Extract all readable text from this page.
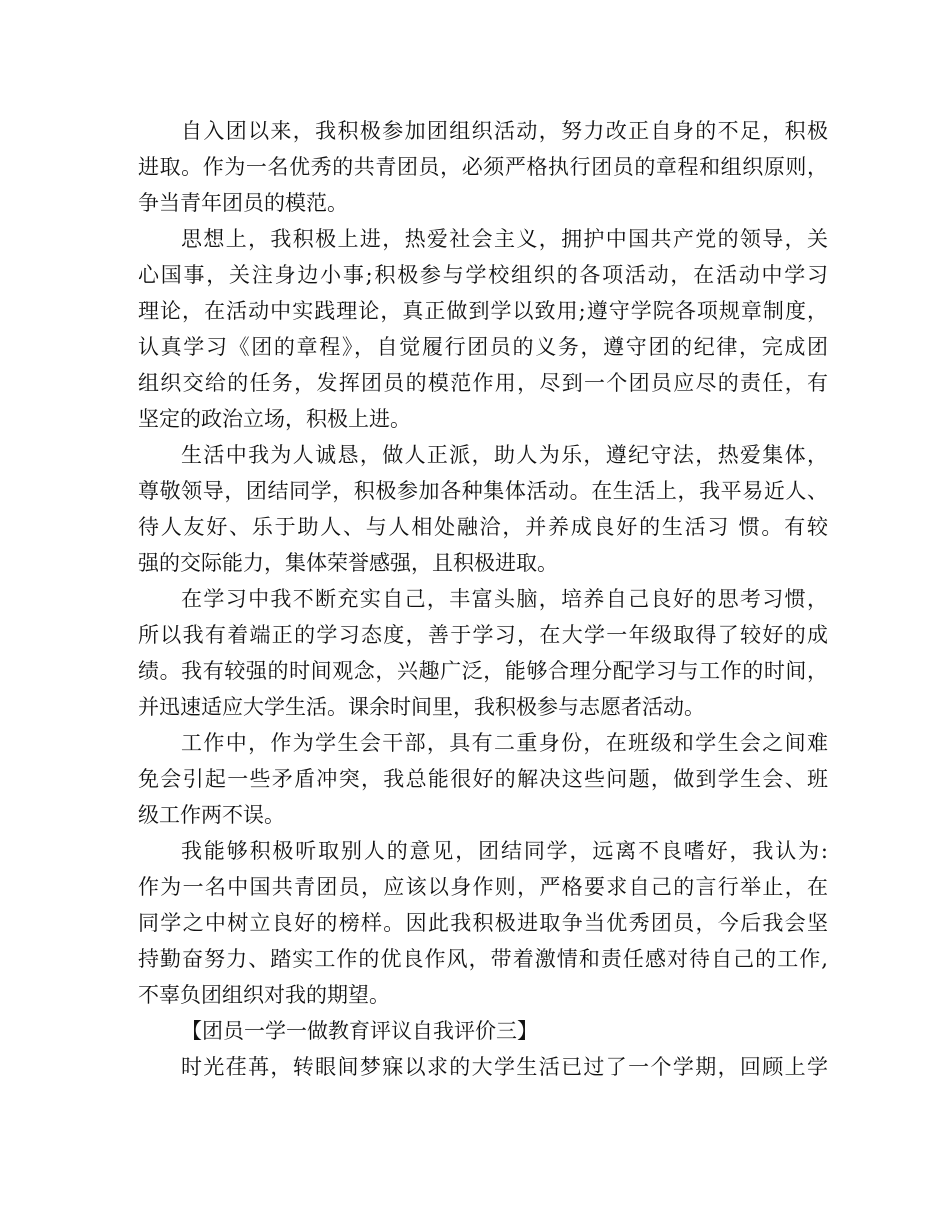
自入团以来，我积极参加团组织活动，努力改正自身的不足，积极

进取。作为一名优秀的共青团员，必须严格执行团员的章程和组织原则，

争当青年团员的模范。

思想上，我积极上进，热爱社会主义，拥护中国共产党的领导，关

心国事，关注身边小事;积极参与学校组织的各项活动，在活动中学习

理论，在活动中实践理论，真正做到学以致用;遵守学院各项规章制度，

认真学习《团的章程》，自觉履行团员的义务，遵守团的纪律，完成团

组织交给的任务，发挥团员的模范作用，尽到一个团员应尽的责任，有

坚定的政治立场，积极上进。

生活中我为人诚恳，做人正派，助人为乐，遵纪守法，热爱集体，

尊敬领导，团结同学，积极参加各种集体活动。在生活上，我平易近人、

待人友好、乐于助人、与人相处融洽，并养成良好的生活习 惯。有较

强的交际能力，集体荣誉感强，且积极进取。

在学习中我不断充实自己，丰富头脑，培养自己良好的思考习惯，

所以我有着端正的学习态度，善于学习，在大学一年级取得了较好的成

绩。我有较强的时间观念，兴趣广泛，能够合理分配学习与工作的时间，

并迅速适应大学生活。课余时间里，我积极参与志愿者活动。

工作中，作为学生会干部，具有二重身份，在班级和学生会之间难

免会引起一些矛盾冲突，我总能很好的解决这些问题，做到学生会、班

级工作两不误。

我能够积极听取别人的意见，团结同学，远离不良嗜好，我认为:

作为一名中国共青团员，应该以身作则，严格要求自己的言行举止，在

同学之中树立良好的榜样。因此我积极进取争当优秀团员，今后我会坚

持勤奋努力、踏实工作的优良作风，带着激情和责任感对待自己的工作,

不辜负团组织对我的期望。

【团员一学一做教育评议自我评价三】

时光荏苒，转眼间梦寐以求的大学生活已过了一个学期，回顾上学
